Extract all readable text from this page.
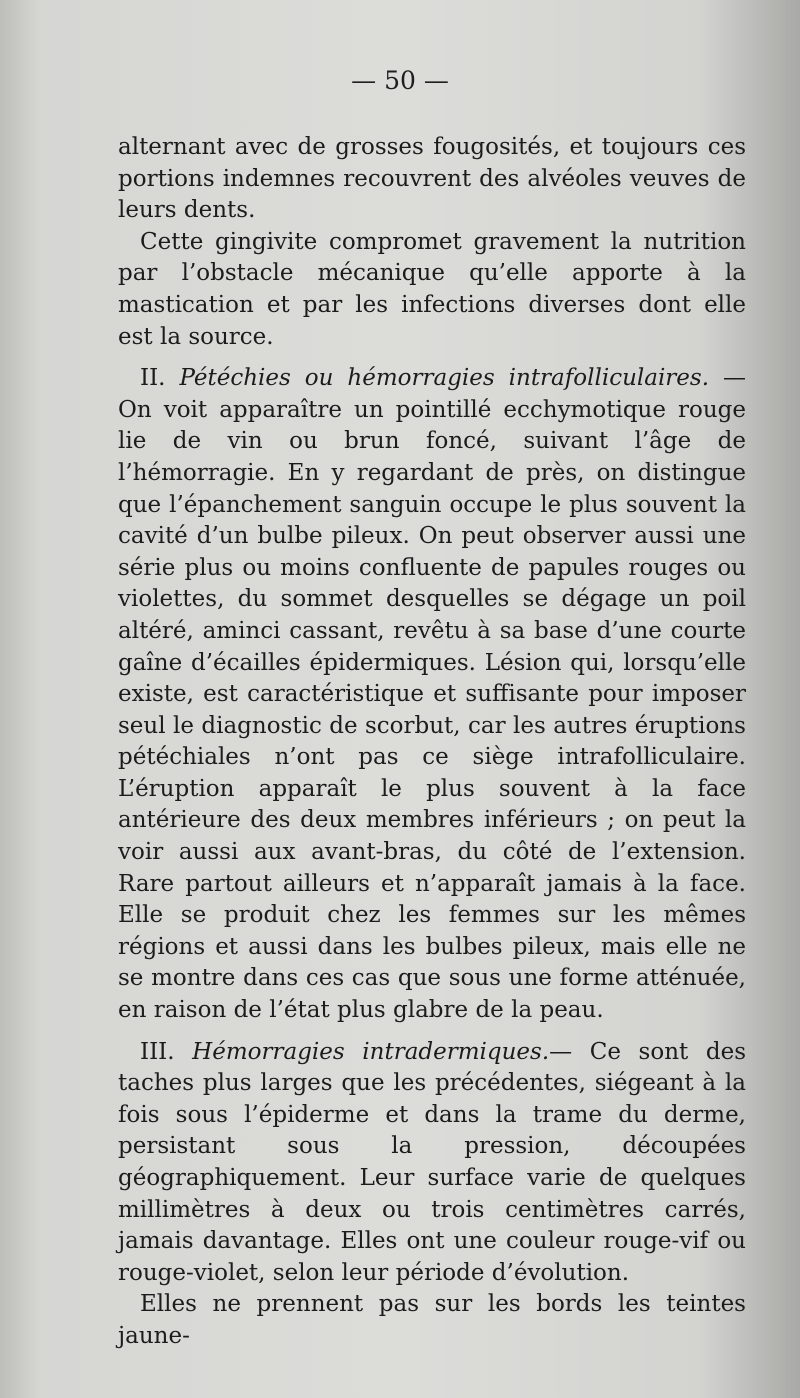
— 50 —

alternant avec de grosses fougosités, et toujours ces portions indemnes recouvrent des alvéoles veuves de leurs dents.

Cette gingivite compromet gravement la nutrition par l’obstacle mécanique qu’elle apporte à la mastication et par les infections diverses dont elle est la source.

II. Pétéchies ou hémorragies intrafolliculaires. — On voit apparaître un pointillé ecchymotique rouge lie de vin ou brun foncé, suivant l’âge de l’hémorragie. En y regardant de près, on distingue que l’épanchement sanguin occupe le plus souvent la cavité d’un bulbe pileux. On peut observer aussi une série plus ou moins confluente de papules rouges ou violettes, du sommet desquelles se dégage un poil altéré, aminci cassant, revêtu à sa base d’une courte gaîne d’écailles épidermiques. Lésion qui, lorsqu’elle existe, est caractéristique et suffisante pour imposer seul le diagnostic de scorbut, car les autres éruptions pétéchiales n’ont pas ce siège intrafolliculaire. L’éruption apparaît le plus souvent à la face antérieure des deux membres inférieurs ; on peut la voir aussi aux avant-bras, du côté de l’extension. Rare partout ailleurs et n’apparaît jamais à la face. Elle se produit chez les femmes sur les mêmes régions et aussi dans les bulbes pileux, mais elle ne se montre dans ces cas que sous une forme atténuée, en raison de l’état plus glabre de la peau.

III. Hémorragies intradermiques.— Ce sont des taches plus larges que les précédentes, siégeant à la fois sous l’épiderme et dans la trame du derme, persistant sous la pression, découpées géographiquement. Leur surface varie de quelques millimètres à deux ou trois centimètres carrés, jamais davantage. Elles ont une couleur rouge-vif ou rouge-violet, selon leur période d’évolution.

Elles ne prennent pas sur les bords les teintes jaune-
